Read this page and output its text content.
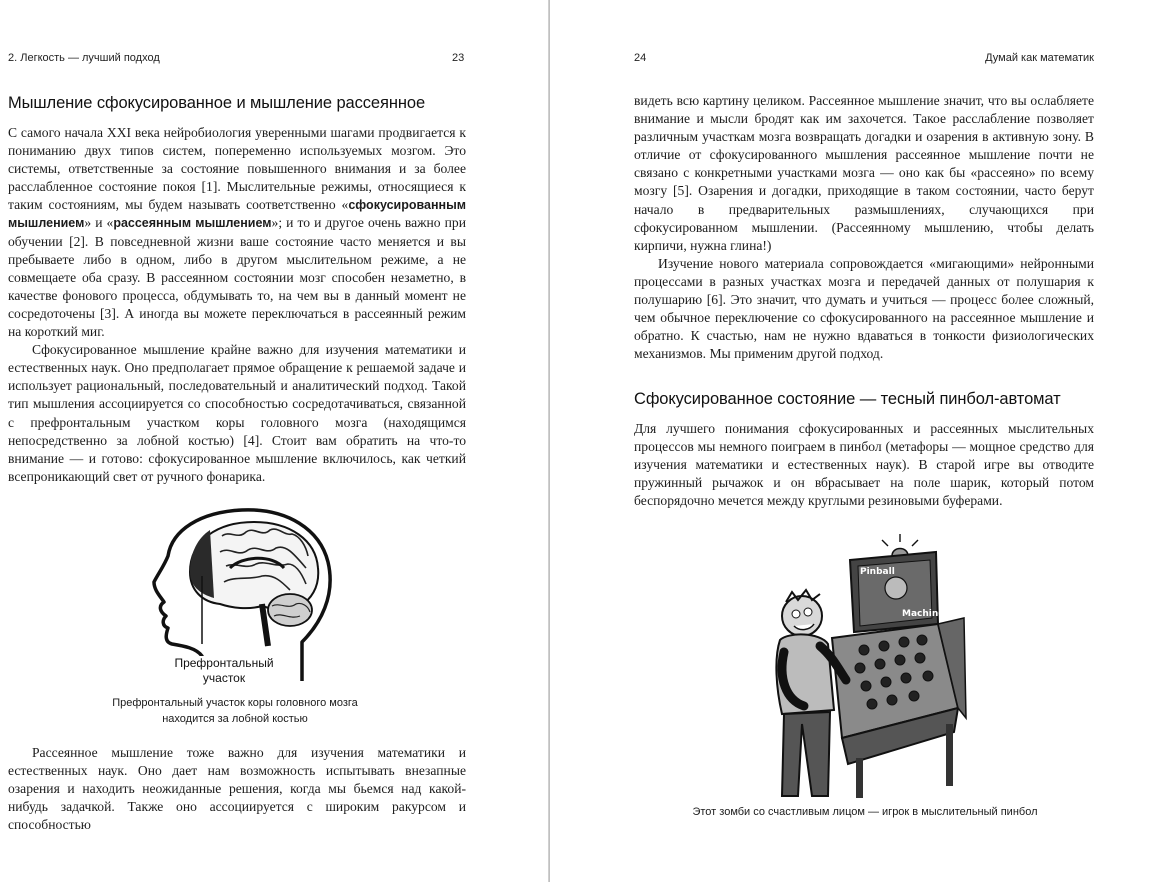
2. Легкость — лучший подход	23
Мышление сфокусированное и мышление рассеянное

С самого начала XXI века нейробиология уверенными шагами продвигается к пониманию двух типов систем, попеременно используемых мозгом. Это системы, ответственные за состояние повышенного внимания и за более расслабленное состояние покоя [1]. Мыслительные режимы, относящиеся к таким состояниям, мы будем называть соответственно «сфокусированным мышлением» и «рассеянным мышлением»; и то и другое очень важно при обучении [2]. В повседневной жизни ваше состояние часто меняется и вы пребываете либо в одном, либо в другом мыслительном режиме, а не совмещаете оба сразу. В рассеянном состоянии мозг способен незаметно, в качестве фонового процесса, обдумывать то, на чем вы в данный момент не сосредоточены [3]. А иногда вы можете переключаться в рассеянный режим на короткий миг.

Сфокусированное мышление крайне важно для изучения математики и естественных наук. Оно предполагает прямое обращение к решаемой задаче и использует рациональный, последовательный и аналитический подход. Такой тип мышления ассоциируется со способностью сосредотачиваться, связанной с префронтальным участком коры головного мозга (находящимся непосредственно за лобной костью) [4]. Стоит вам обратить на что-то внимание — и готово: сфокусированное мышление включилось, как четкий всепроникающий свет от ручного фонарика.

Префронтальный
участок
Префронтальный участок коры головного мозга
находится за лобной костью

Рассеянное мышление тоже важно для изучения математики и естественных наук. Оно дает нам возможность испытывать внезапные озарения и находить неожиданные решения, когда мы бьемся над какой-нибудь задачкой. Также оно ассоциируется с широким ракурсом и способностью

24	Думай как математик

видеть всю картину целиком. Рассеянное мышление значит, что вы ослабляете внимание и мысли бродят как им захочется. Такое расслабление позволяет различным участкам мозга возвращать догадки и озарения в активную зону. В отличие от сфокусированного мышления рассеянное мышление почти не связано с конкретными участками мозга — оно как бы «рассеяно» по всему мозгу [5]. Озарения и догадки, приходящие в таком состоянии, часто берут начало в предварительных размышлениях, случающихся при сфокусированном мышлении. (Рассеянному мышлению, чтобы делать кирпичи, нужна глина!)

Изучение нового материала сопровождается «мигающими» нейронными процессами в разных участках мозга и передачей данных от полушария к полушарию [6]. Это значит, что думать и учиться — процесс более сложный, чем обычное переключение со сфокусированного на рассеянное мышление и обратно. К счастью, нам не нужно вдаваться в тонкости физиологических механизмов. Мы применим другой подход.

Сфокусированное состояние — тесный пинбол-автомат

Для лучшего понимания сфокусированных и рассеянных мыслительных процессов мы немного поиграем в пинбол (метафоры — мощное средство для изучения математики и естественных наук). В старой игре вы отводите пружинный рычажок и он вбрасывает на поле шарик, который потом беспорядочно мечется между круглыми резиновыми буферами.

Pinball
Machine
Этот зомби со счастливым лицом — игрок в мыслительный пинбол
